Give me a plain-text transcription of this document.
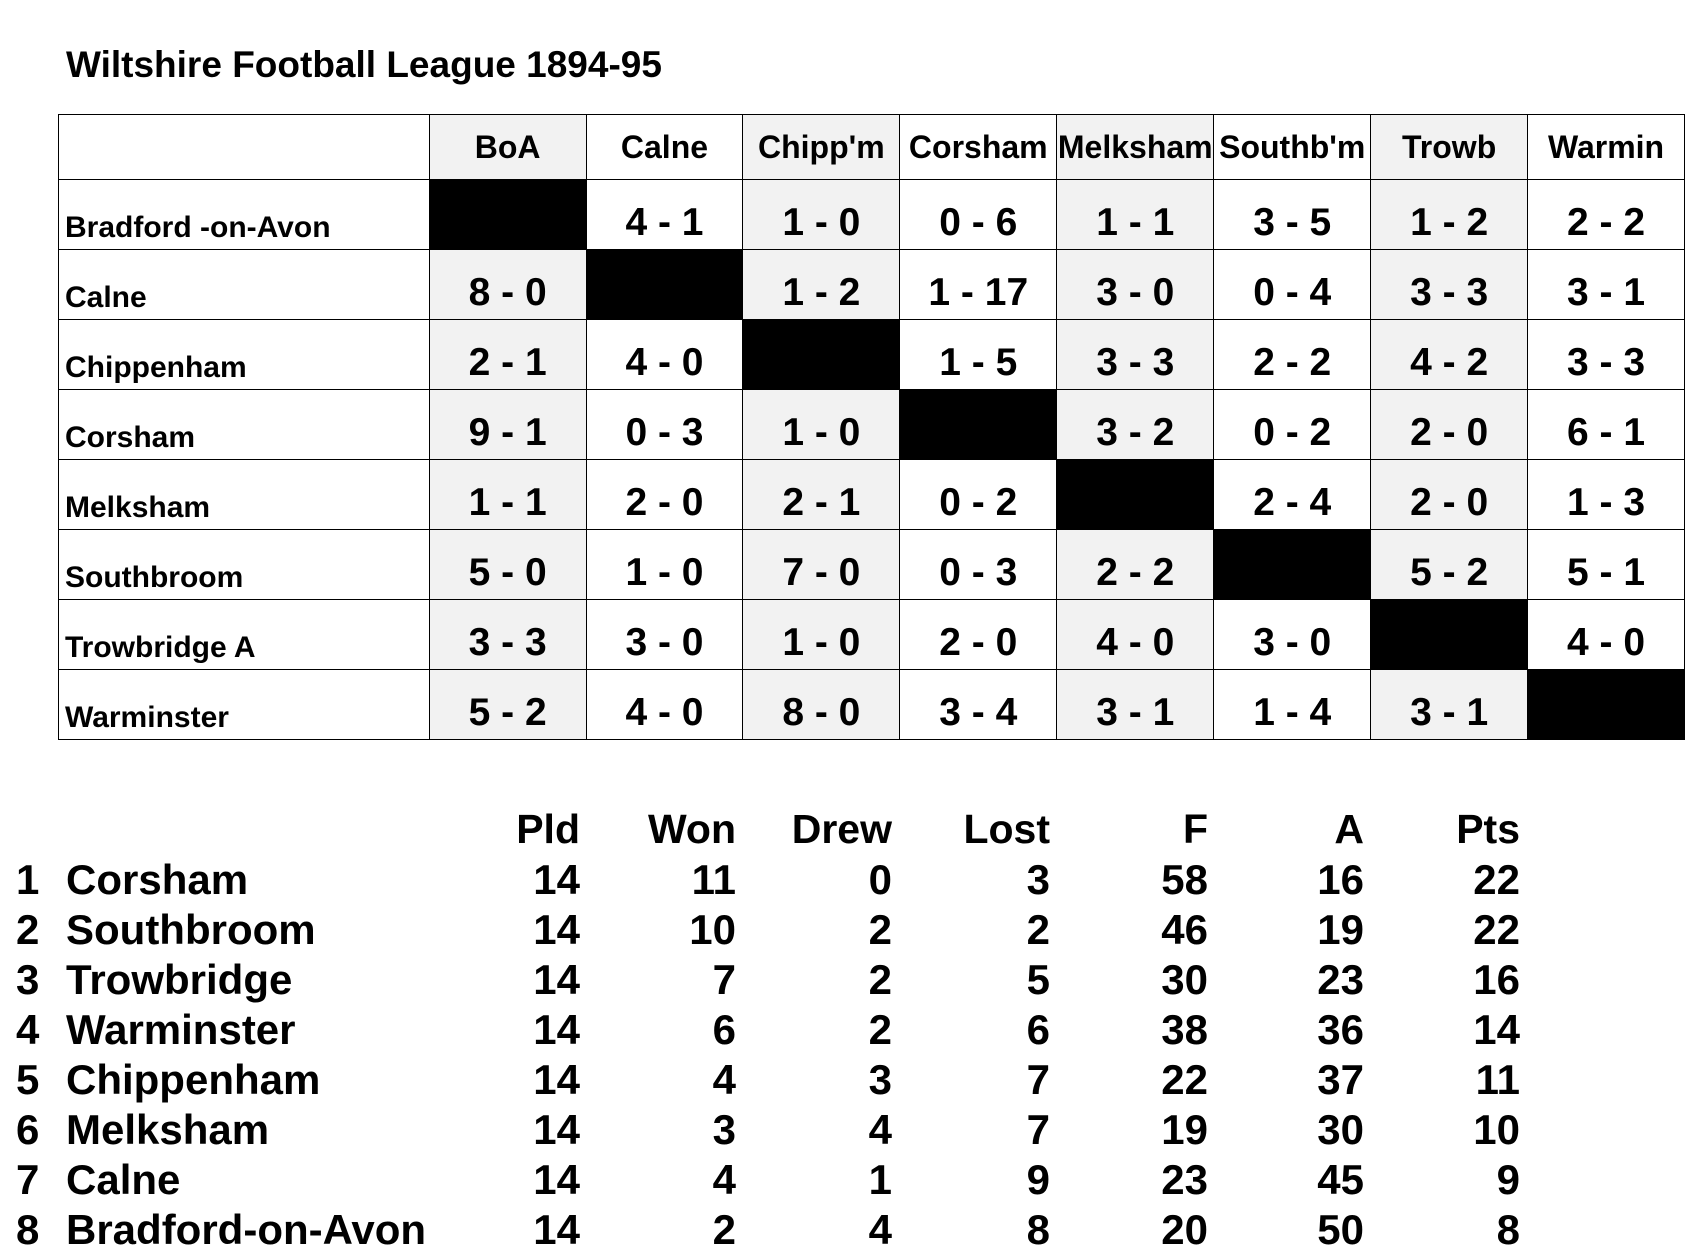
Wiltshire Football League 1894-95
	BoA	Calne	Chipp'm	Corsham	Melksham	Southb'm	Trowb	Warmin
Bradford -on-Avon		4 - 1	1 - 0	0 - 6	1 - 1	3 - 5	1 - 2	2 - 2
Calne	8 - 0		1 - 2	1 - 17	3 - 0	0 - 4	3 - 3	3 - 1
Chippenham	2 - 1	4 - 0		1 - 5	3 - 3	2 - 2	4 - 2	3 - 3
Corsham	9 - 1	0 - 3	1 - 0		3 - 2	0 - 2	2 - 0	6 - 1
Melksham	1 - 1	2 - 0	2 - 1	0 - 2		2 - 4	2 - 0	1 - 3
Southbroom	5 - 0	1 - 0	7 - 0	0 - 3	2 - 2		5 - 2	5 - 1
Trowbridge A	3 - 3	3 - 0	1 - 0	2 - 0	4 - 0	3 - 0		4 - 0
Warminster	5 - 2	4 - 0	8 - 0	3 - 4	3 - 1	1 - 4	3 - 1	
Pld	Won	Drew	Lost	F	A	Pts
1 Corsham	14	11	0	3	58	16	22
2 Southbroom	14	10	2	2	46	19	22
3 Trowbridge	14	7	2	5	30	23	16
4 Warminster	14	6	2	6	38	36	14
5 Chippenham	14	4	3	7	22	37	11
6 Melksham	14	3	4	7	19	30	10
7 Calne	14	4	1	9	23	45	9
8 Bradford-on-Avon	14	2	4	8	20	50	8
